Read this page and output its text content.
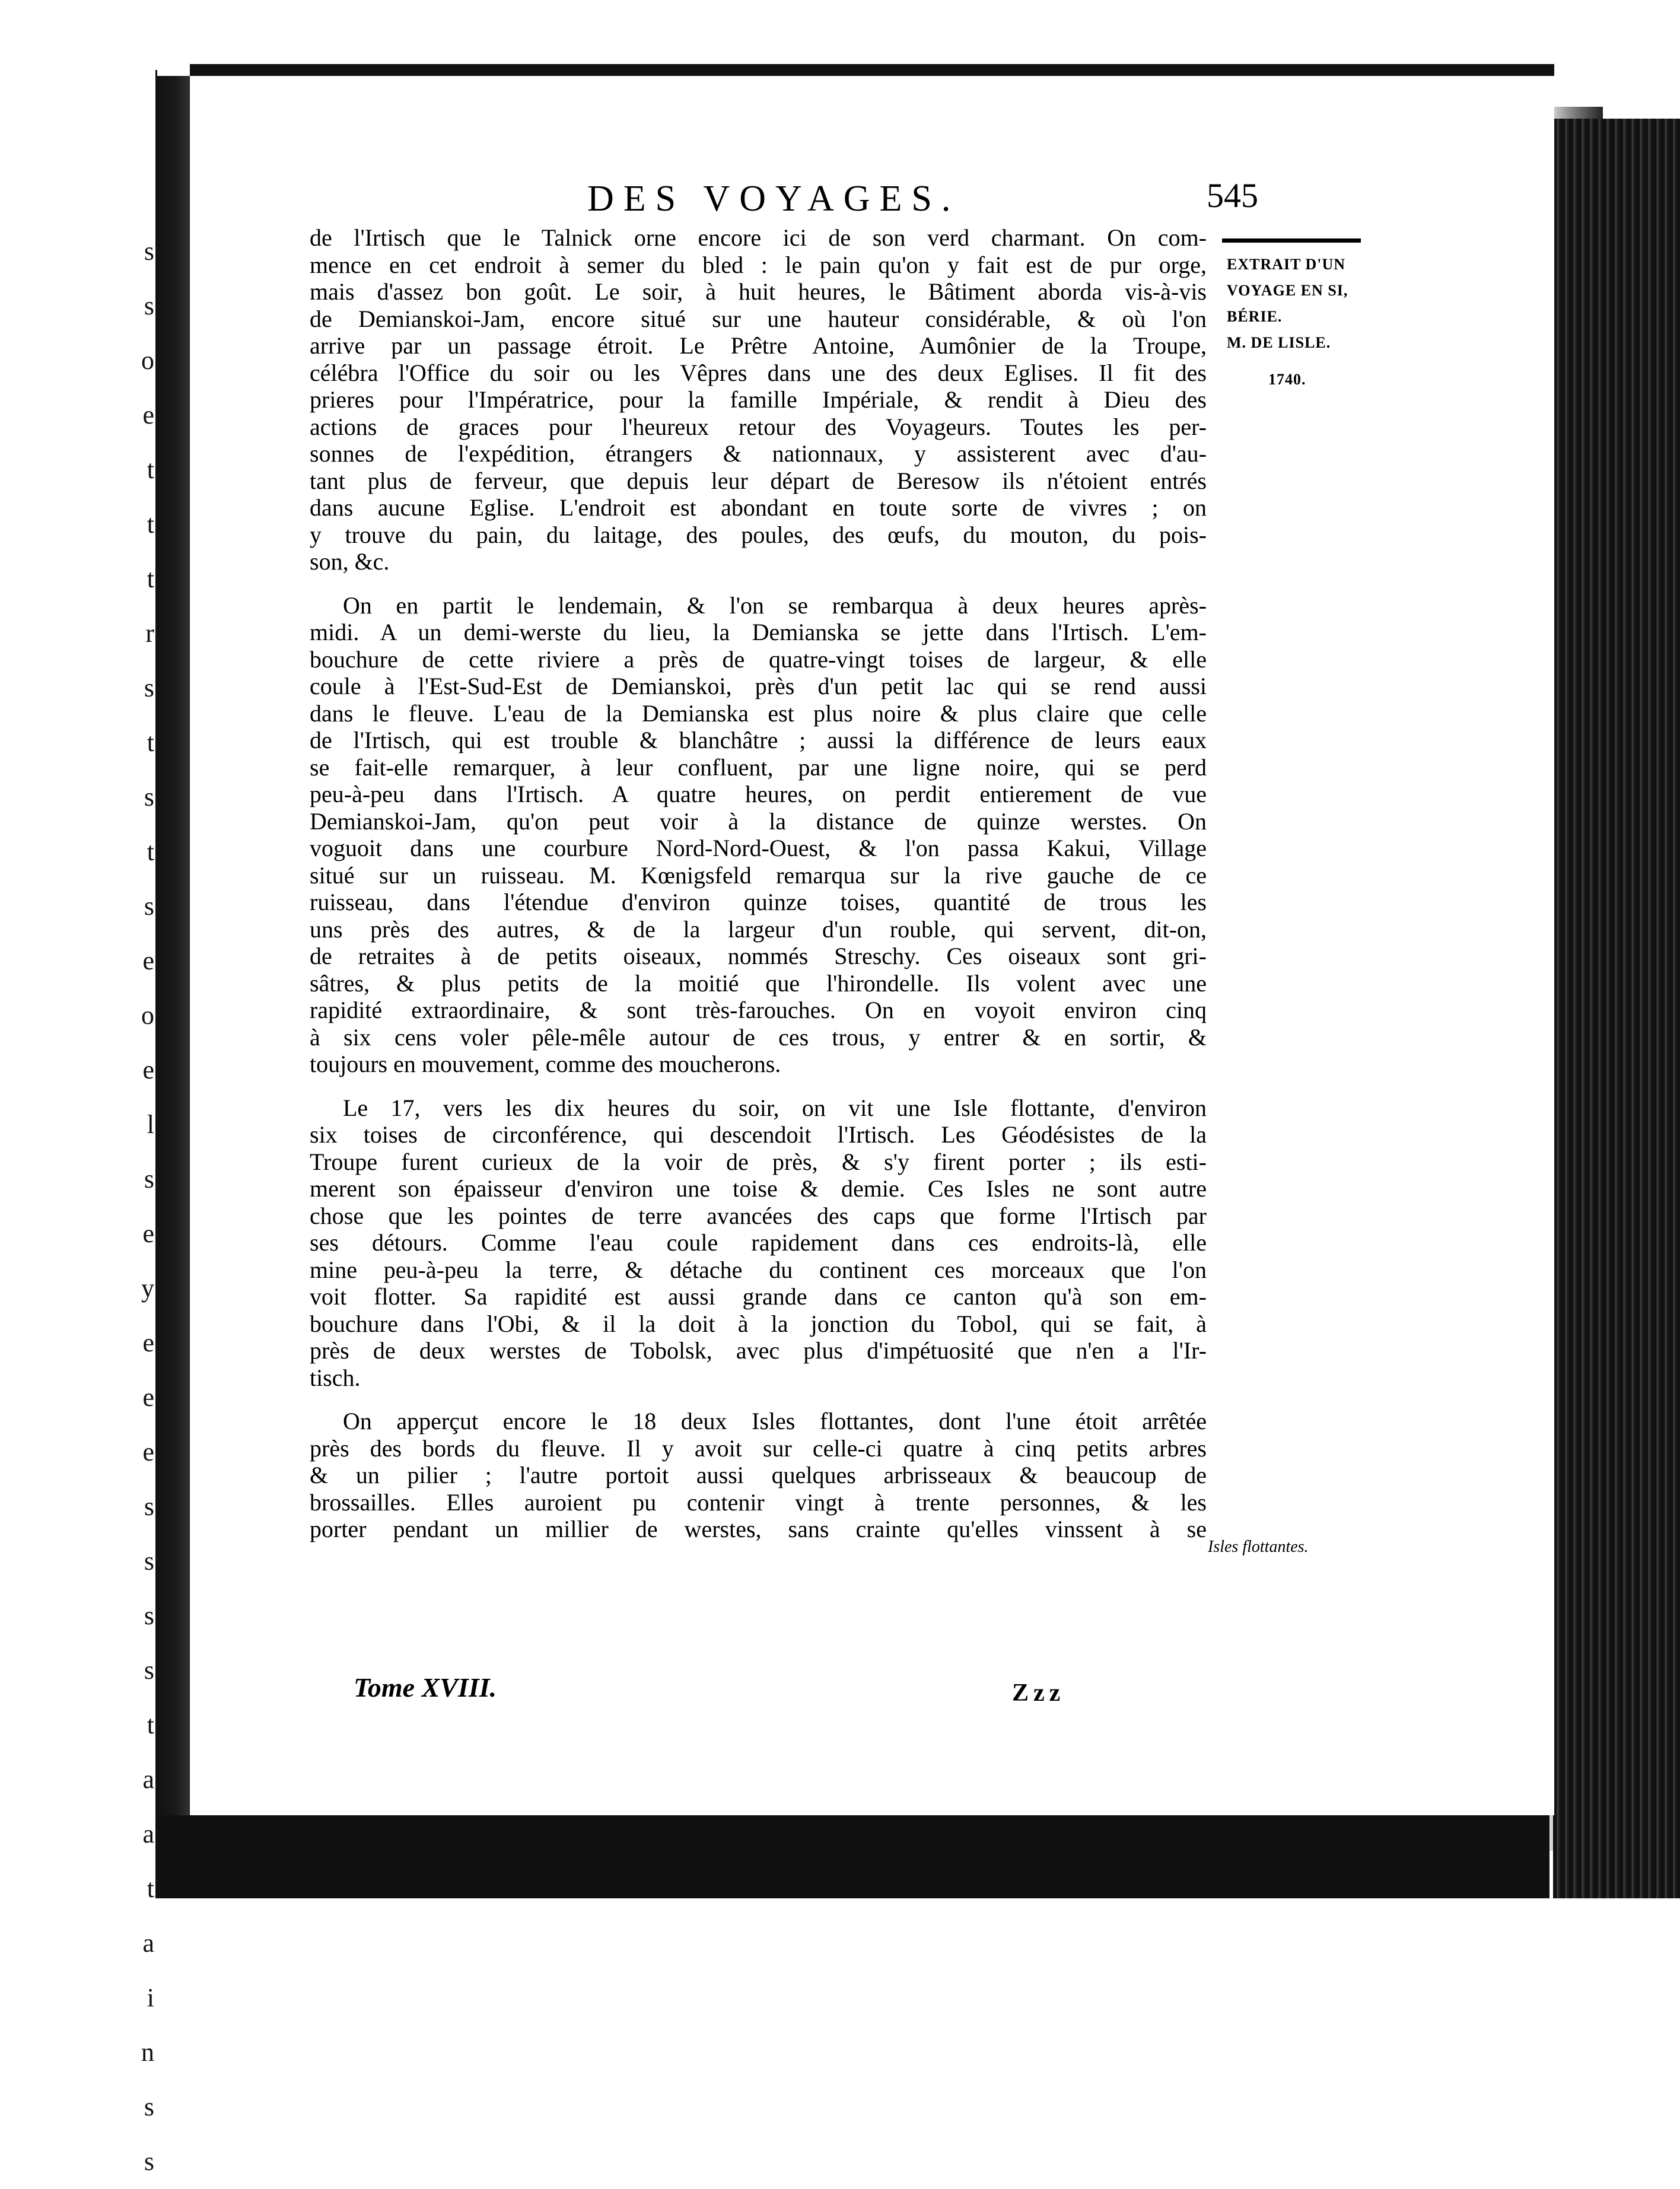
s
s
o
e
t
t
t
r
s
t
s
t
s
e
o
e
l
s
e
y
e
e
e
s
s
s
s
t
a
a
t
a
i
n
s
s
DES VOYAGES.	545
EXTRAIT D'UN
VOYAGE EN SI,
BÉRIE.
M. DE LISLE.
1740.
de l'Irtisch que le Talnick orne encore ici de son verd charmant. On com-
mence en cet endroit à semer du bled : le pain qu'on y fait est de pur orge,
mais d'assez bon goût. Le soir, à huit heures, le Bâtiment aborda vis-à-vis
de Demianskoi-Jam, encore situé sur une hauteur considérable, & où l'on
arrive par un passage étroit. Le Prêtre Antoine, Aumônier de la Troupe,
célébra l'Office du soir ou les Vêpres dans une des deux Eglises. Il fit des
prieres pour l'Impératrice, pour la famille Impériale, & rendit à Dieu des
actions de graces pour l'heureux retour des Voyageurs. Toutes les per-
sonnes de l'expédition, étrangers & nationnaux, y assisterent avec d'au-
tant plus de ferveur, que depuis leur départ de Beresow ils n'étoient entrés
dans aucune Eglise. L'endroit est abondant en toute sorte de vivres ; on
y trouve du pain, du laitage, des poules, des œufs, du mouton, du pois-
son, &c.
On en partit le lendemain, & l'on se rembarqua à deux heures après-
midi. A un demi-werste du lieu, la Demianska se jette dans l'Irtisch. L'em-
bouchure de cette riviere a près de quatre-vingt toises de largeur, & elle
coule à l'Est-Sud-Est de Demianskoi, près d'un petit lac qui se rend aussi
dans le fleuve. L'eau de la Demianska est plus noire & plus claire que celle
de l'Irtisch, qui est trouble & blanchâtre ; aussi la différence de leurs eaux
se fait-elle remarquer, à leur confluent, par une ligne noire, qui se perd
peu-à-peu dans l'Irtisch. A quatre heures, on perdit entierement de vue
Demianskoi-Jam, qu'on peut voir à la distance de quinze werstes. On
voguoit dans une courbure Nord-Nord-Ouest, & l'on passa Kakui, Village
situé sur un ruisseau. M. Kœnigsfeld remarqua sur la rive gauche de ce
ruisseau, dans l'étendue d'environ quinze toises, quantité de trous les
uns près des autres, & de la largeur d'un rouble, qui servent, dit-on,
de retraites à de petits oiseaux, nommés Streschy. Ces oiseaux sont gri-
sâtres, & plus petits de la moitié que l'hirondelle. Ils volent avec une
rapidité extraordinaire, & sont très-farouches. On en voyoit environ cinq
à six cens voler pêle-mêle autour de ces trous, y entrer & en sortir, &
toujours en mouvement, comme des moucherons.
Le 17, vers les dix heures du soir, on vit une Isle flottante, d'environ
six toises de circonférence, qui descendoit l'Irtisch. Les Géodésistes de la
Troupe furent curieux de la voir de près, & s'y firent porter ; ils esti-
merent son épaisseur d'environ une toise & demie. Ces Isles ne sont autre
chose que les pointes de terre avancées des caps que forme l'Irtisch par
ses détours. Comme l'eau coule rapidement dans ces endroits-là, elle
mine peu-à-peu la terre, & détache du continent ces morceaux que l'on
voit flotter. Sa rapidité est aussi grande dans ce canton qu'à son em-
bouchure dans l'Obi, & il la doit à la jonction du Tobol, qui se fait, à
près de deux werstes de Tobolsk, avec plus d'impétuosité que n'en a l'Ir-
tisch.
On apperçut encore le 18 deux Isles flottantes, dont l'une étoit arrêtée
près des bords du fleuve. Il y avoit sur celle-ci quatre à cinq petits arbres
& un pilier ; l'autre portoit aussi quelques arbrisseaux & beaucoup de
brossailles. Elles auroient pu contenir vingt à trente personnes, & les
porter pendant un millier de werstes, sans crainte qu'elles vinssent à se
Isles flottantes.
Tome XVIII.	Zzz
